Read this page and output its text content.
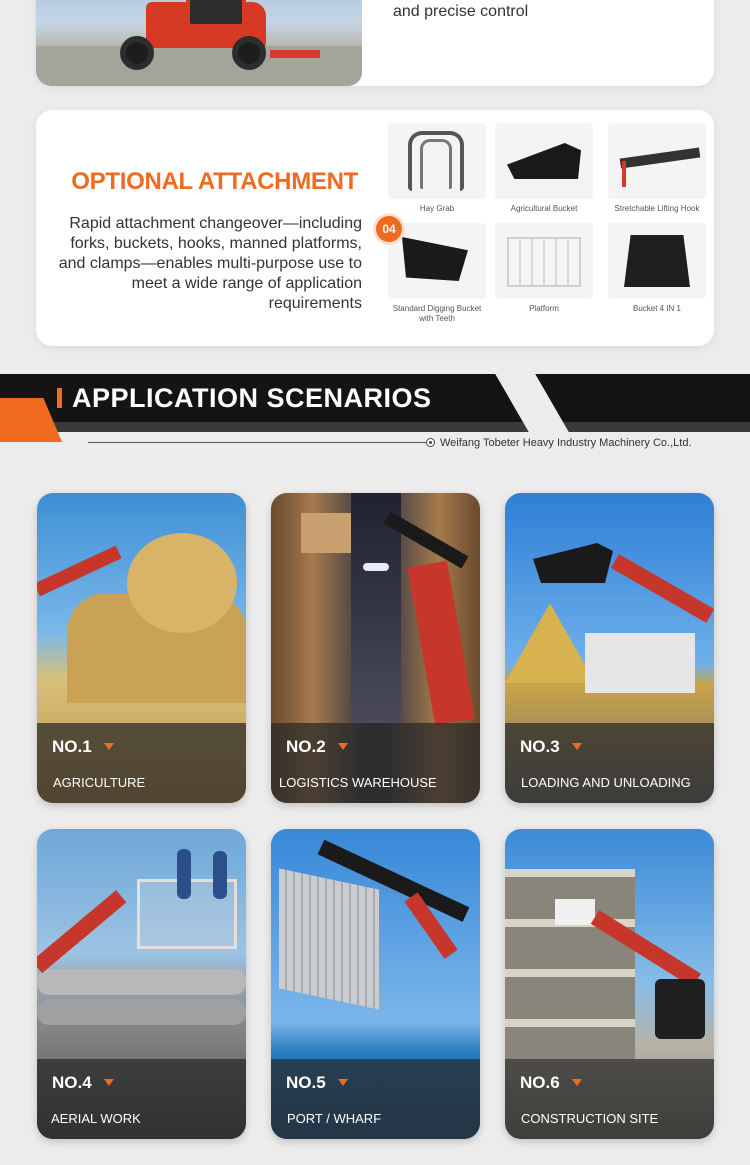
and precise control
OPTIONAL ATTACHMENT
Rapid attachment changeover—including forks, buckets, hooks, manned platforms, and clamps—enables multi-purpose use to meet a wide range of application requirements
04
Hay Grab	Agricultural Bucket	Stretchable Lifting Hook
Standard Digging Bucket with Teeth
Platform	Bucket 4 IN 1
APPLICATION SCENARIOS
Weifang Tobeter Heavy Industry Machinery Co.,Ltd.
NO.1
AGRICULTURE
NO.2
LOGISTICS WAREHOUSE
NO.3
LOADING AND UNLOADING
NO.4
AERIAL WORK
NO.5
PORT / WHARF
NO.6
CONSTRUCTION SITE
